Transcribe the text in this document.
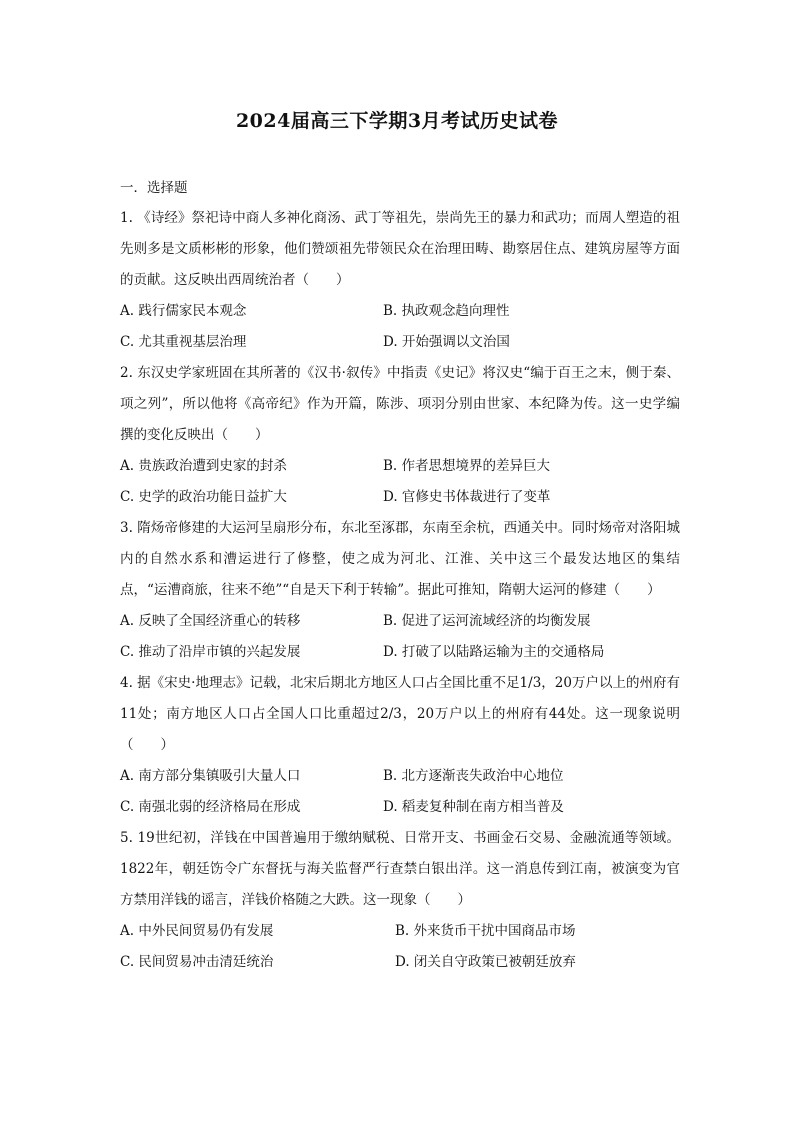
2024届高三下学期3月考试历史试卷
一．选择题

1. 《诗经》祭祀诗中商人多神化商汤、武丁等祖先，崇尚先王的暴力和武功；而周人塑造的祖先则多是文质彬彬的形象，他们赞颂祖先带领民众在治理田畴、勘察居住点、建筑房屋等方面的贡献。这反映出西周统治者（　　）

A. 践行儒家民本观念	B. 执政观念趋向理性
C. 尤其重视基层治理	D. 开始强调以文治国

2. 东汉史学家班固在其所著的《汉书·叙传》中指责《史记》将汉史“编于百王之末，侧于秦、项之列”，所以他将《高帝纪》作为开篇，陈涉、项羽分别由世家、本纪降为传。这一史学编撰的变化反映出（　　）

A. 贵族政治遭到史家的封杀	B. 作者思想境界的差异巨大
C. 史学的政治功能日益扩大	D. 官修史书体裁进行了变革

3. 隋炀帝修建的大运河呈扇形分布，东北至涿郡，东南至余杭，西通关中。同时炀帝对洛阳城内的自然水系和漕运进行了修整，使之成为河北、江淮、关中这三个最发达地区的集结点，“运漕商旅，往来不绝”“自是天下利于转输”。据此可推知，隋朝大运河的修建（　　）

A. 反映了全国经济重心的转移	B. 促进了运河流域经济的均衡发展
C. 推动了沿岸市镇的兴起发展	D. 打破了以陆路运输为主的交通格局

4. 据《宋史·地理志》记载，北宋后期北方地区人口占全国比重不足1/3，20万户以上的州府有11处；南方地区人口占全国人口比重超过2/3，20万户以上的州府有44处。这一现象说明（　　）

A. 南方部分集镇吸引大量人口	B. 北方逐渐丧失政治中心地位
C. 南强北弱的经济格局在形成	D. 稻麦复种制在南方相当普及

5. 19世纪初，洋钱在中国普遍用于缴纳赋税、日常开支、书画金石交易、金融流通等领域。1822年，朝廷饬令广东督抚与海关监督严行查禁白银出洋。这一消息传到江南，被演变为官方禁用洋钱的谣言，洋钱价格随之大跌。这一现象（　　）

A. 中外民间贸易仍有发展	B. 外来货币干扰中国商品市场
C. 民间贸易冲击清廷统治	D. 闭关自守政策已被朝廷放弃
